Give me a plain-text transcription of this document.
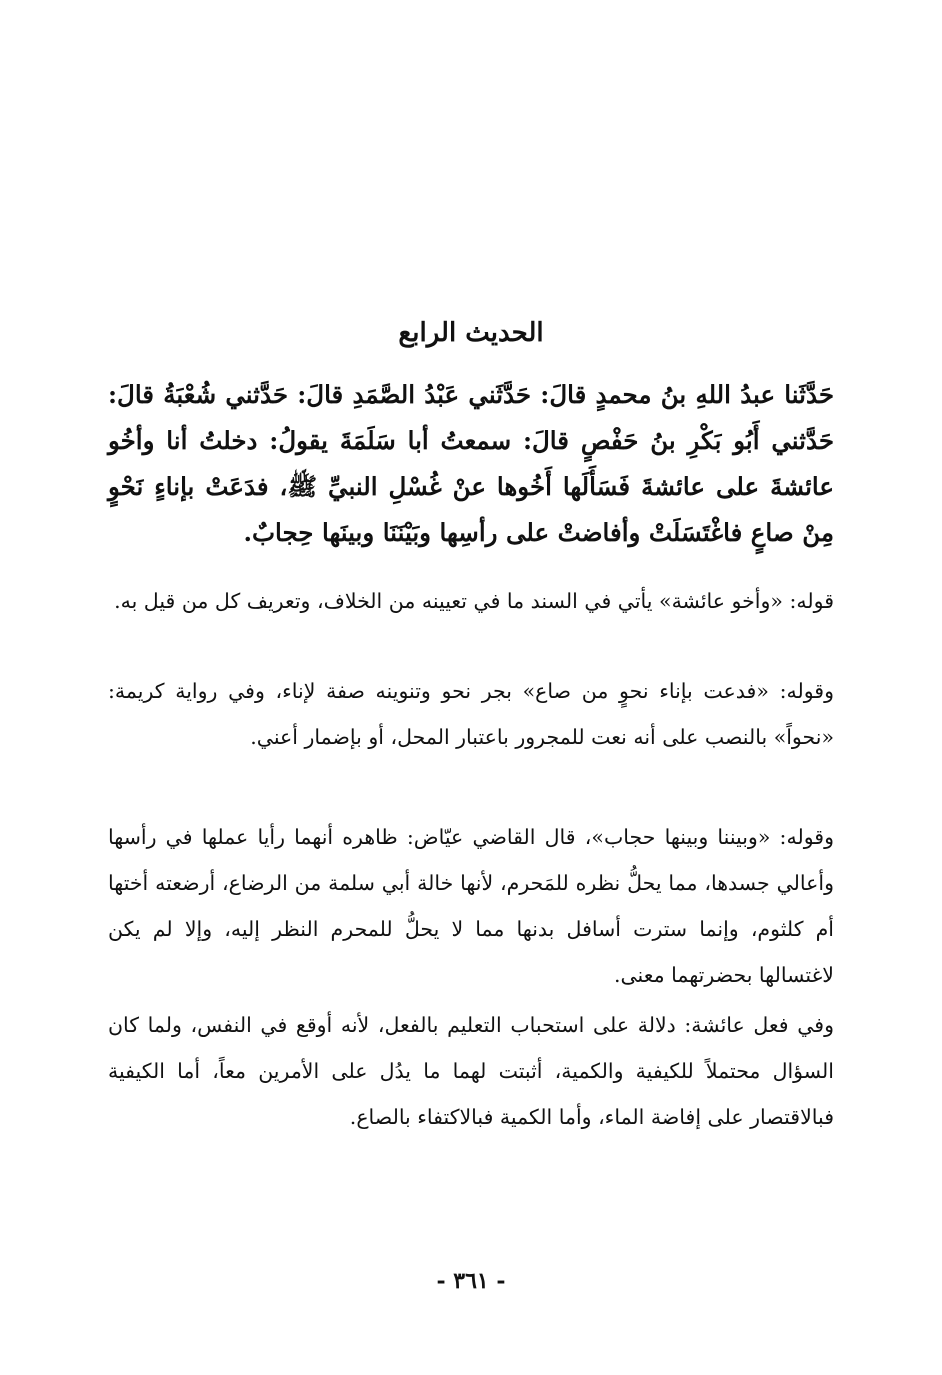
الحديث الرابع
حَدَّثَنا عبدُ اللهِ بنُ محمدٍ قالَ: حَدَّثَني عَبْدُ الصَّمَدِ قالَ: حَدَّثني شُعْبَةُ قالَ: حَدَّثني أَبُو بَكْرِ بنُ حَفْصٍ قالَ: سمعتُ أبا سَلَمَةَ يقولُ: دخلتُ أنا وأخُو عائشةَ على عائشةَ فَسَأَلَها أَخُوها عنْ غُسْلِ النبيِّ ﷺ، فدَعَتْ بإناءٍ نَحْوٍ مِنْ صاعٍ فاغْتَسَلَتْ وأفاضتْ على رأسِها وبَيْنَنَا وبينَها حِجابٌ.

قوله: «وأخو عائشة» يأتي في السند ما في تعيينه من الخلاف، وتعريف كل من قيل به.

وقوله: «فدعت بإناء نحوٍ من صاع» بجر نحو وتنوينه صفة لإناء، وفي رواية كريمة: «نحواً» بالنصب على أنه نعت للمجرور باعتبار المحل، أو بإضمار أعني.

وقوله: «وبيننا وبينها حجاب»، قال القاضي عيّاض: ظاهره أنهما رأيا عملها في رأسها وأعالي جسدها، مما يحلُّ نظره للمَحرم، لأنها خالة أبي سلمة من الرضاع، أرضعته أختها أم كلثوم، وإنما سترت أسافل بدنها مما لا يحلُّ للمحرم النظر إليه، وإلا لم يكن لاغتسالها بحضرتهما معنى.

وفي فعل عائشة: دلالة على استحباب التعليم بالفعل، لأنه أوقع في النفس، ولما كان السؤال محتملاً للكيفية والكمية، أثبتت لهما ما يدُل على الأمرين معاً، أما الكيفية فبالاقتصار على إفاضة الماء، وأما الكمية فبالاكتفاء بالصاع.

- ٣٦١ -
